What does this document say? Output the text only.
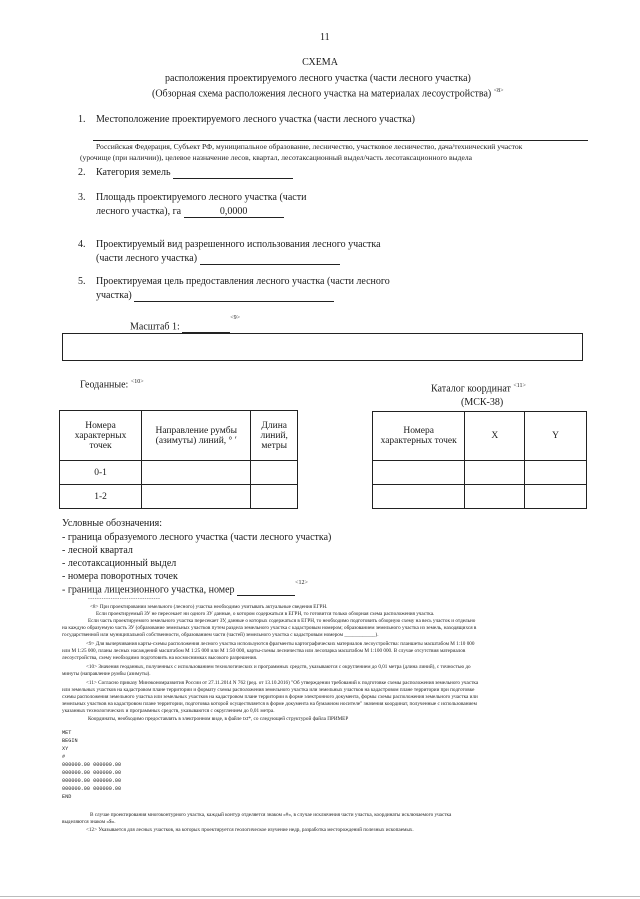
11
СХЕМА
расположения проектируемого лесного участка (части лесного участка)
(Обзорная схема расположения лесного участка на материалах лесоустройства) $^{<8>}$
1. Местоположение проектируемого лесного участка (части лесного участка)
Российская Федерация, Субъект РФ, муниципальное образование, лесничество, участковое лесничество, дача/технический участок
(урочище (при наличии)), целевое назначение лесов, квартал, лесотаксационный выдел/часть лесотаксационного выдела
2. Категория земель
3. Площадь проектируемого лесного участка (части
лесного участка), га	0,0000
4. Проектируемый вид разрешенного использования лесного участка
(части лесного участка)
5. Проектируемая цель предоставления лесного участка (части лесного
участка)
Масштаб 1:  $^{<9>}$
Геоданные: $^{<10>}$
Каталог координат $^{<11>}$
(МСК-38)
Номера характерных точек	Направление румбы (азимуты) линий, ° ′	Длина линий, метры
0-1		
1-2		
Номера характерных точек	X	Y

Условные обозначения:
- граница образуемого лесного участка (части лесного участка)
- лесной квартал
- лесотаксационный выдел
- номера поворотных точек
- граница лицензионного участка, номер  $^{<12>}$
--------------------------------
<8> При проектировании земельного (лесного) участка необходимо учитывать актуальные сведения ЕГРН.
Если проектируемый ЗУ не пересекает ни одного ЗУ данные, о котором содержаться в ЕГРН, то готовится только обзорная схема расположения участка.
Если часть проектируемого земельного участка пересекает ЗУ, данные о которых содержаться в ЕГРН, то необходимо подготовить обзорную схему на весь участок и отдельно
на каждую образуемую часть ЗУ (образование земельных участков путем раздела земельного участка с кадастровым номером; образованием земельного участка из земель, находящихся в
государственной или муниципальной собственности, образованием части (частей) земельного участка с кадастровым номером ____________).
<9> Для вычерчивания карты-схемы расположения лесного участка используются фрагменты картографических материалов лесоустройства: планшеты масштабом М 1:10 000
или М 1:25 000, планы лесных насаждений масштабом М 1:25 000 или М 1:50 000, карты-схемы лесничества или лесопарка масштабом М 1:100 000. В случае отсутствия материалов
лесоустройства, схему необходимо подготовить на космоснимках высокого разрешения.
<10> Значения геоданных, полученных с использованием технологических и программных средств, указываются с округлением до 0,01 метра (длина линий), с точностью до
минуты (направление румбы (азимуты).
<11> Согласно приказу Минэкономразвития России от 27.11.2014 N 762 (ред. от 13.10.2016) "Об утверждении требований к подготовке схемы расположения земельного участка
или земельных участков на кадастровом плане территории и формату схемы расположения земельного участка или земельных участков на кадастровом плане территории при подготовке
схемы расположения земельного участка или земельных участков на кадастровом плане территории в форме электронного документа, формы схемы расположения земельного участка или
земельных участков на кадастровом плане территории, подготовка которой осуществляется в форме документа на бумажном носителе" значения координат, полученные с использованием
указанных технологических и программных средств, указываются с округлением до 0,01 метра.
Координаты, необходимо предоставлять в электронном виде, в файле txt*, со следующей структурой файла ПРИМЕР
MET
BEGIN
XY
#
000000.00 000000.00
000000.00 000000.00
000000.00 000000.00
000000.00 000000.00
END
В случае проектирования многоконтурного участка, каждый контур отделяется знаком «#», в случае исключения части участка, координаты исключаемого участка
выделяются знаком «$».
<12> Указывается для лесных участков, на которых проектируется геологическое изучение недр, разработка месторождений полезных ископаемых.
